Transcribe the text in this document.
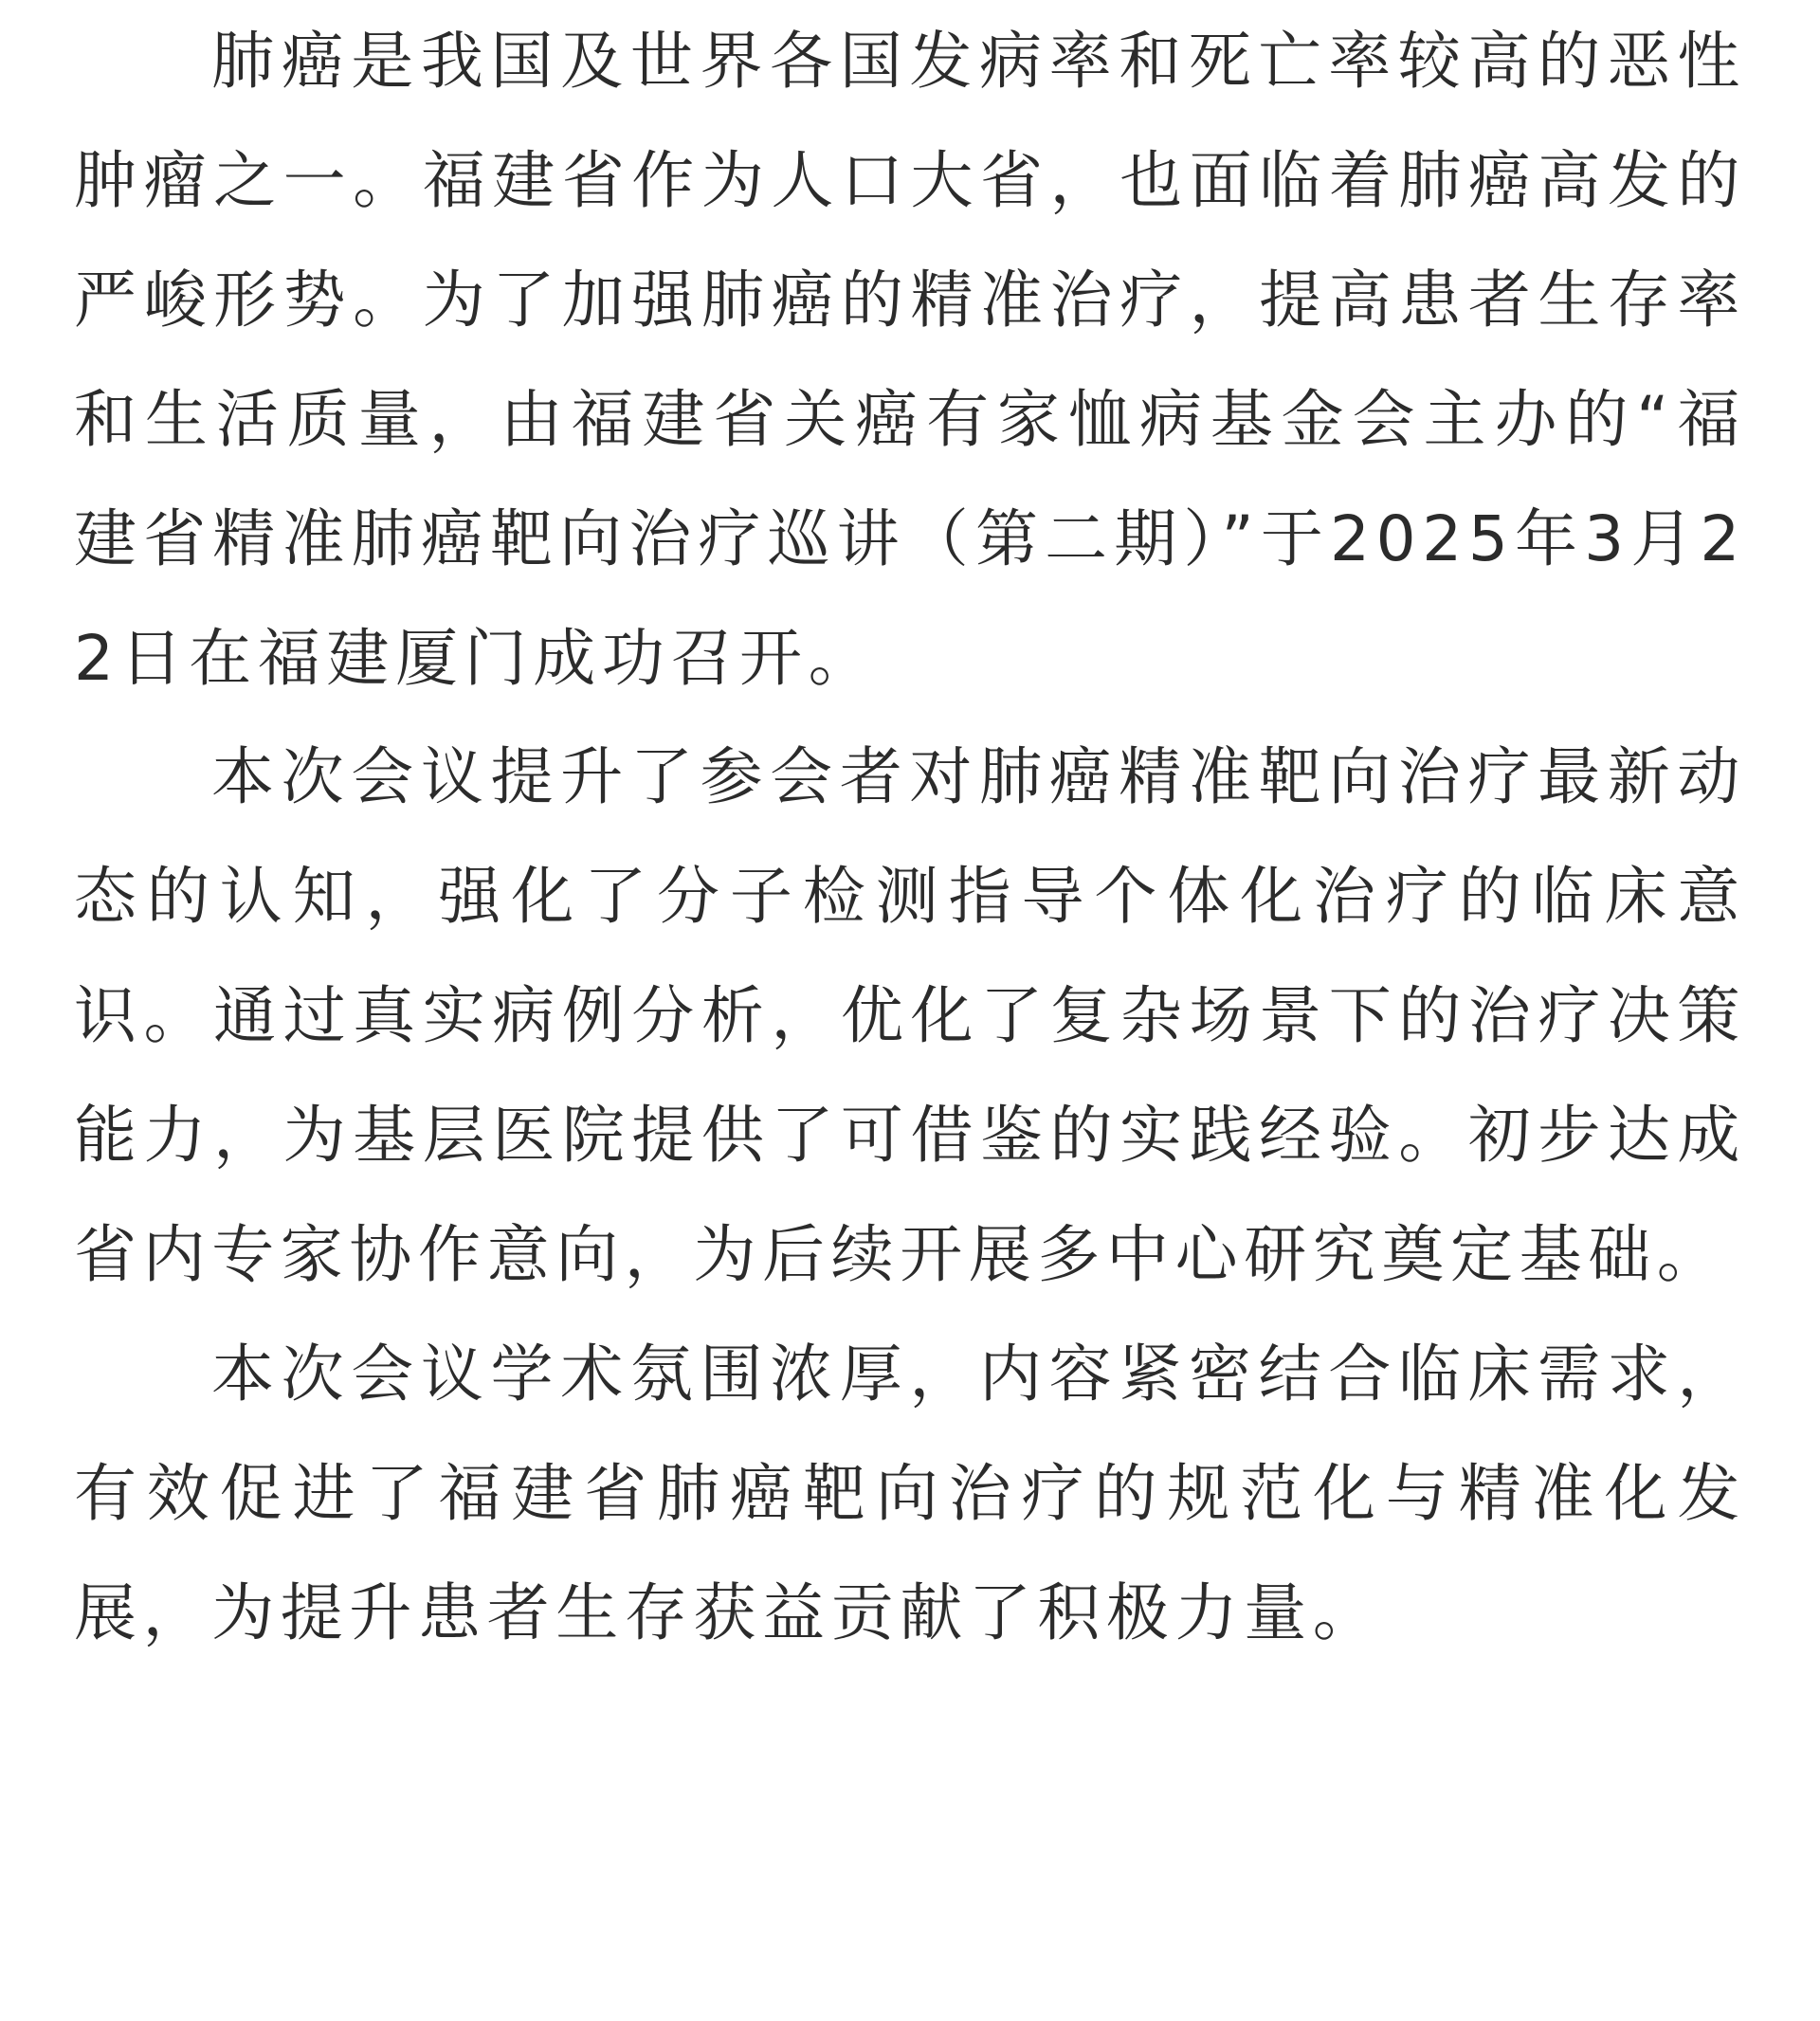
肺癌是我国及世界各国发病率和死亡率较高的恶性肿瘤之一。福建省作为人口大省，也面临着肺癌高发的严峻形势。为了加强肺癌的精准治疗，提高患者生存率和生活质量，由福建省关癌有家恤病基金会主办的“福建省精准肺癌靶向治疗巡讲（第二期）”于2025年3月22日在福建厦门成功召开。

本次会议提升了参会者对肺癌精准靶向治疗最新动态的认知，强化了分子检测指导个体化治疗的临床意识。通过真实病例分析，优化了复杂场景下的治疗决策能力，为基层医院提供了可借鉴的实践经验。初步达成省内专家协作意向，为后续开展多中心研究奠定基础。

本次会议学术氛围浓厚，内容紧密结合临床需求，有效促进了福建省肺癌靶向治疗的规范化与精准化发展，为提升患者生存获益贡献了积极力量。
